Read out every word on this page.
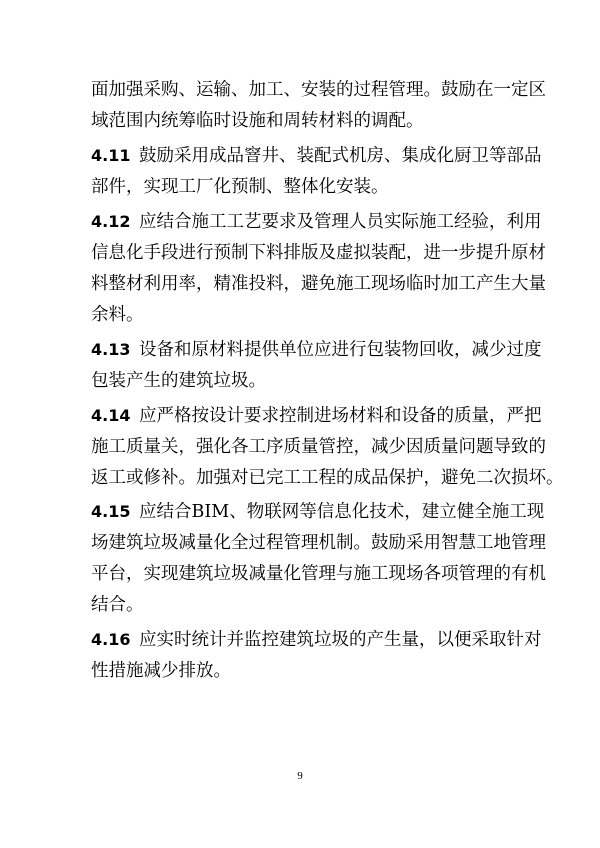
面加强采购、运输、加工、安装的过程管理。鼓励在一定区
域范围内统筹临时设施和周转材料的调配。
4.11 鼓励采用成品窨井、装配式机房、集成化厨卫等部品
部件，实现工厂化预制、整体化安装。
4.12 应结合施工工艺要求及管理人员实际施工经验，利用
信息化手段进行预制下料排版及虚拟装配，进一步提升原材
料整材利用率，精准投料，避免施工现场临时加工产生大量
余料。
4.13 设备和原材料提供单位应进行包装物回收，减少过度
包装产生的建筑垃圾。
4.14 应严格按设计要求控制进场材料和设备的质量，严把
施工质量关，强化各工序质量管控，减少因质量问题导致的
返工或修补。加强对已完工工程的成品保护，避免二次损坏。
4.15 应结合BIM、物联网等信息化技术，建立健全施工现
场建筑垃圾减量化全过程管理机制。鼓励采用智慧工地管理
平台，实现建筑垃圾减量化管理与施工现场各项管理的有机
结合。
4.16 应实时统计并监控建筑垃圾的产生量，以便采取针对
性措施减少排放。
9
